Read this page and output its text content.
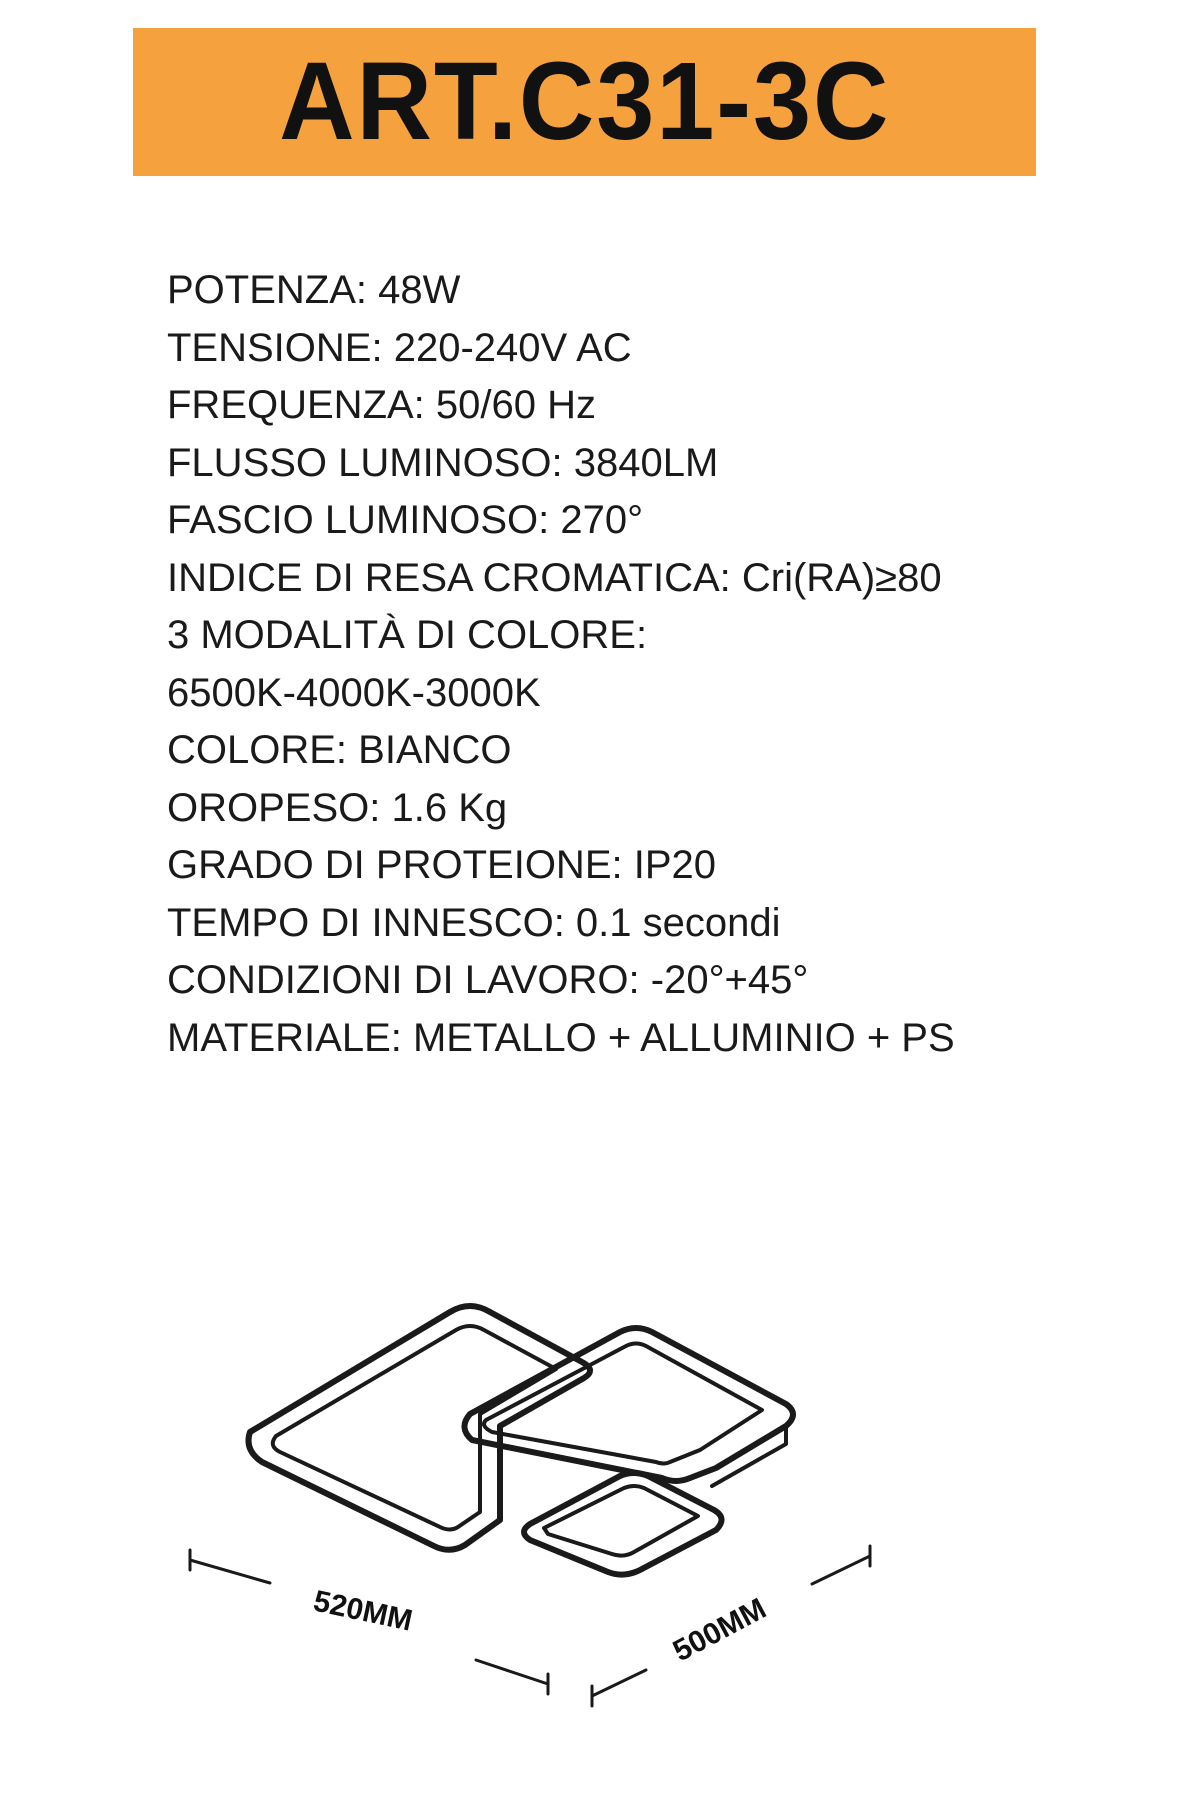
ART.C31-3C
POTENZA: 48W
TENSIONE: 220-240V AC
FREQUENZA: 50/60 Hz
FLUSSO LUMINOSO: 3840LM
FASCIO LUMINOSO: 270°
INDICE DI RESA CROMATICA: Cri(RA)≥80
3 MODALITÀ DI COLORE:
6500K-4000K-3000K
COLORE: BIANCO
OROPESO: 1.6 Kg
GRADO DI PROTEIONE: IP20
TEMPO DI INNESCO: 0.1 secondi
CONDIZIONI DI LAVORO: -20°+45°
MATERIALE: METALLO + ALLUMINIO + PS
520MM	500MM
